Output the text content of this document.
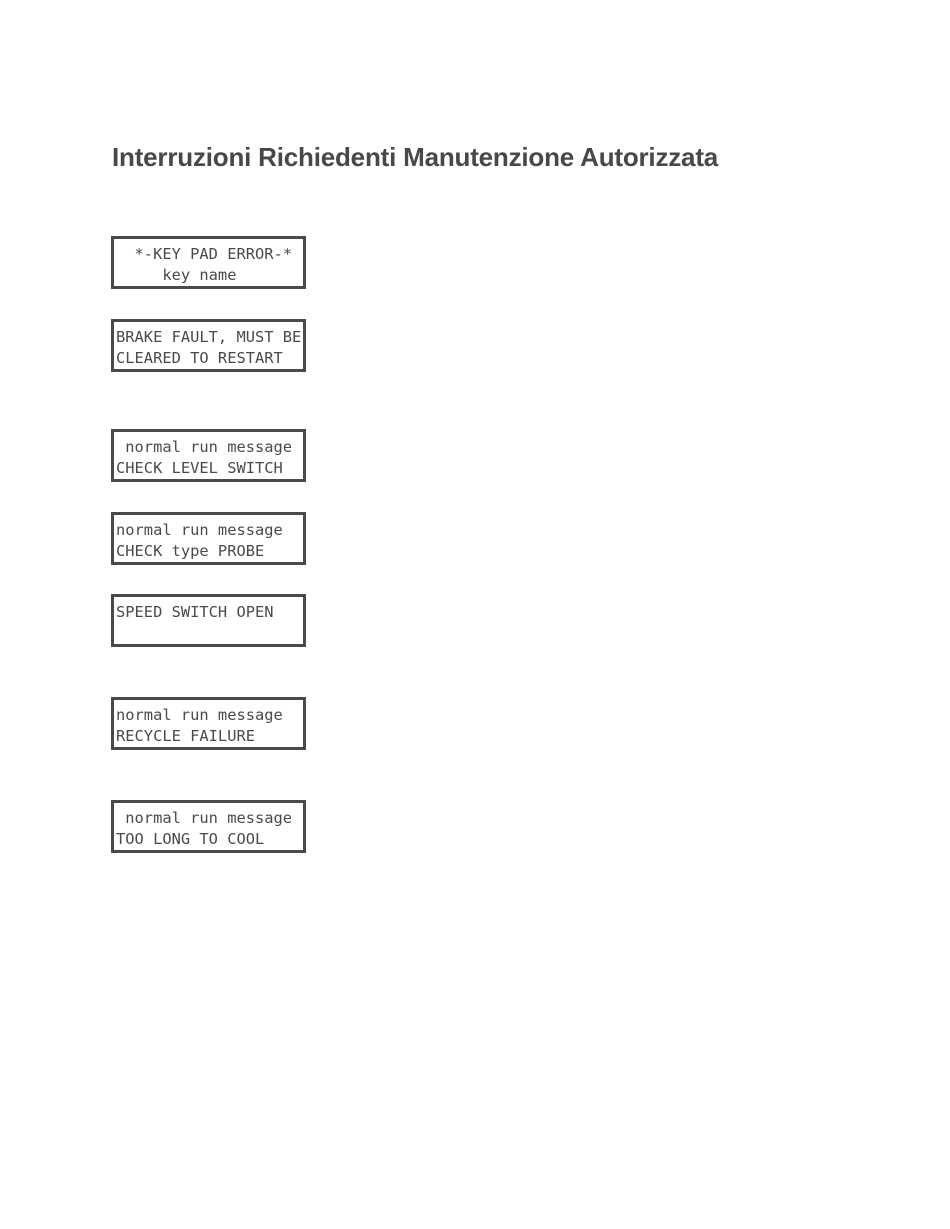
Interruzioni Richiedenti Manutenzione Autorizzata
*-KEY PAD ERROR-*
key name
BRAKE FAULT, MUST BE
CLEARED TO RESTART
normal run message
CHECK LEVEL SWITCH
normal run message
CHECK type PROBE
SPEED SWITCH OPEN
normal run message
RECYCLE FAILURE
normal run message
TOO LONG TO COOL
